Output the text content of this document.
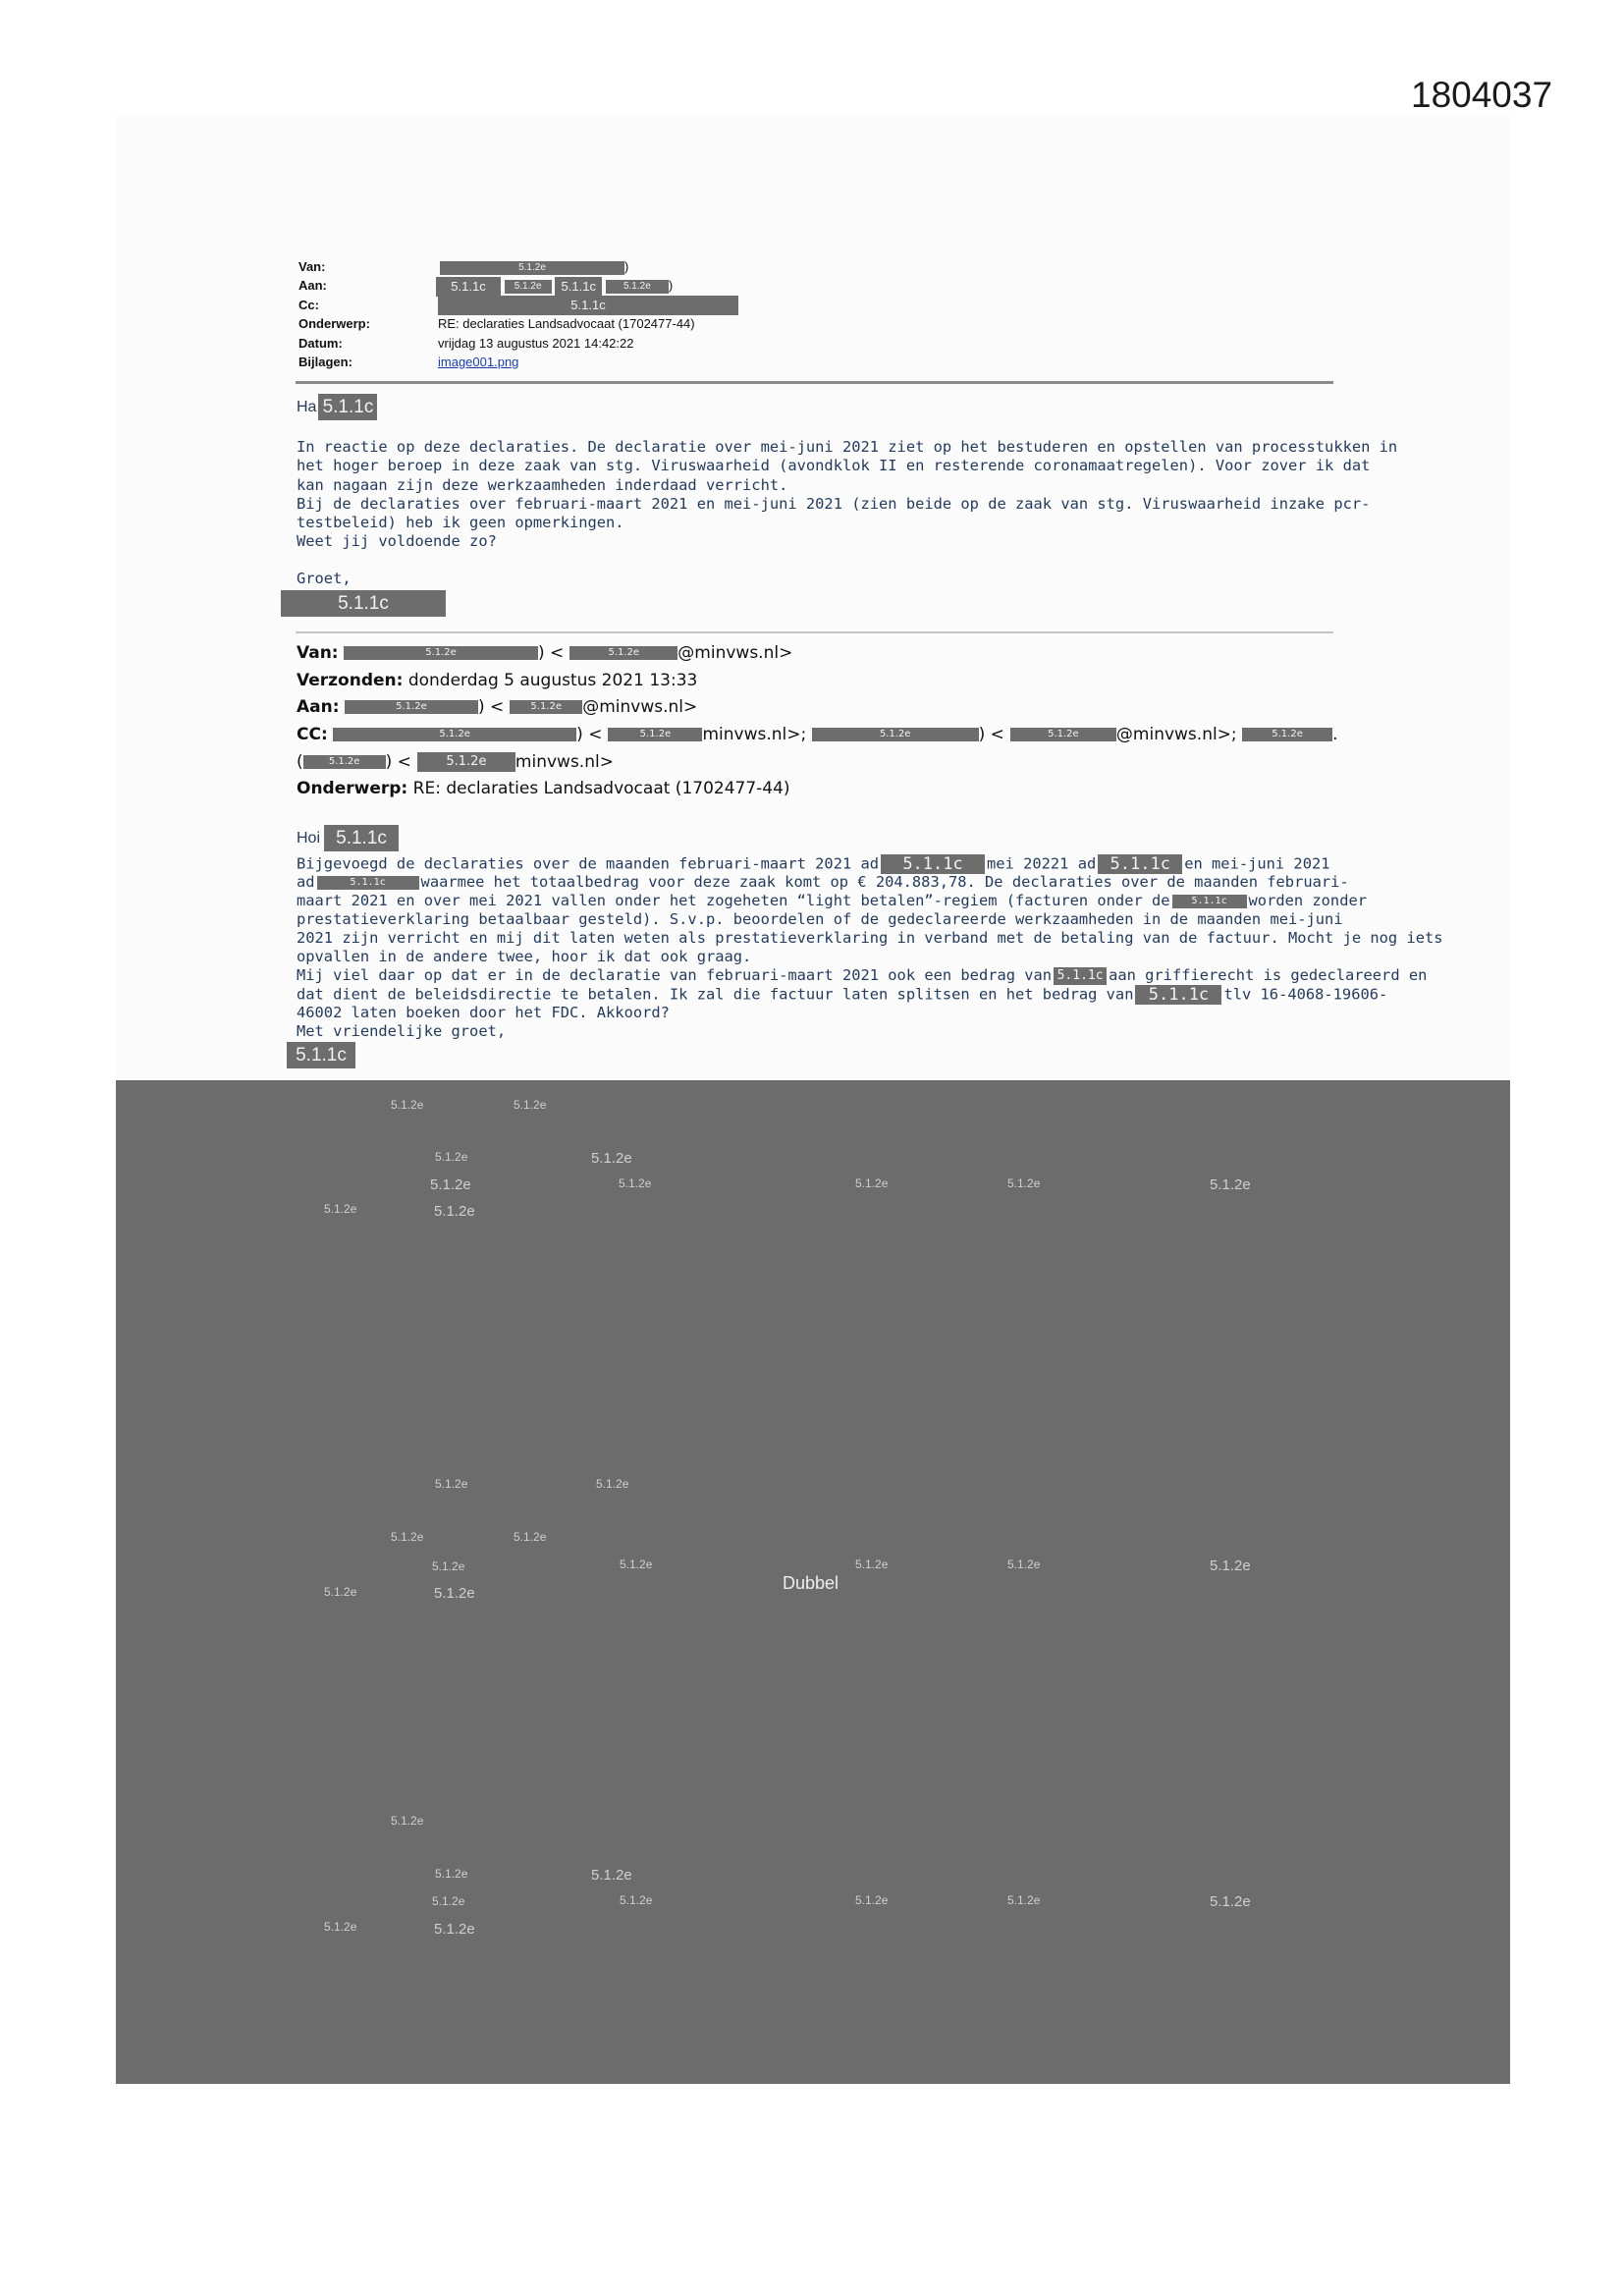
1804037
Van:	5.1.2e	)
Aan:	5.1.1c	5.1.2e 5.1.1c	5.1.2e )
Cc:	5.1.1c
Onderwerp:	RE: declaraties Landsadvocaat (1702477-44)
Datum:	vrijdag 13 augustus 2021 14:42:22
Bijlagen:	image001.png
Ha 5.1.1c
In reactie op deze declaraties. De declaratie over mei-juni 2021 ziet op het bestuderen en opstellen van processtukken in
het hoger beroep in deze zaak van stg. Viruswaarheid (avondklok II en resterende coronamaatregelen). Voor zover ik dat
kan nagaan zijn deze werkzaamheden inderdaad verricht.
Bij de declaraties over februari-maart 2021 en mei-juni 2021 (zien beide op de zaak van stg. Viruswaarheid inzake pcr-
testbeleid) heb ik geen opmerkingen.
Weet jij voldoende zo?
Groet,
5.1.1c
Van:	5.1.2e	) <	5.1.2e @minvws.nl>
Verzonden: donderdag 5 augustus 2021 13:33
Aan:	5.1.2e	) <	5.1.2e @minvws.nl>
CC:	5.1.2e	) <	5.1.2e minvws.nl>;	5.1.2e	) <	5.1.2e @minvws.nl>;	5.1.2e .
(	5.1.2e ) <	5.1.2e minvws.nl>
Onderwerp: RE: declaraties Landsadvocaat (1702477-44)
Hoi 5.1.1c
Bijgevoegd de declaraties over de maanden februari-maart 2021 ad 5.1.1c mei 20221 ad 5.1.1c en mei-juni 2021
ad	5.1.1c waarmee het totaalbedrag voor deze zaak komt op € 204.883,78. De declaraties over de maanden februari-
maart 2021 en over mei 2021 vallen onder het zogeheten “light betalen”-regiem (facturen onder de 5.1.1c worden zonder
prestatieverklaring betaalbaar gesteld). S.v.p. beoordelen of de gedeclareerde werkzaamheden in de maanden mei-juni
2021 zijn verricht en mij dit laten weten als prestatieverklaring in verband met de betaling van de factuur. Mocht je nog iets
opvallen in de andere twee, hoor ik dat ook graag.
Mij viel daar op dat er in de declaratie van februari-maart 2021 ook een bedrag van 5.1.1c aan griffierecht is gedeclareerd en
dat dient de beleidsdirectie te betalen. Ik zal die factuur laten splitsen en het bedrag van 5.1.1c tlv 16-4068-19606-
46002 laten boeken door het FDC. Akkoord?
Met vriendelijke groet,
5.1.1c
5.1.2e	5.1.2e
5.1.2e	5.1.2e
5.1.2e	5.1.2e	5.1.2e	5.1.2e	5.1.2e
5.1.2e	5.1.2e
5.1.2e	5.1.2e
5.1.2e	5.1.2e
5.1.2e	5.1.2e	5.1.2e	5.1.2e	5.1.2e
5.1.2e	5.1.2e
Dubbel
5.1.2e
5.1.2e	5.1.2e
5.1.2e	5.1.2e	5.1.2e	5.1.2e	5.1.2e
5.1.2e	5.1.2e
